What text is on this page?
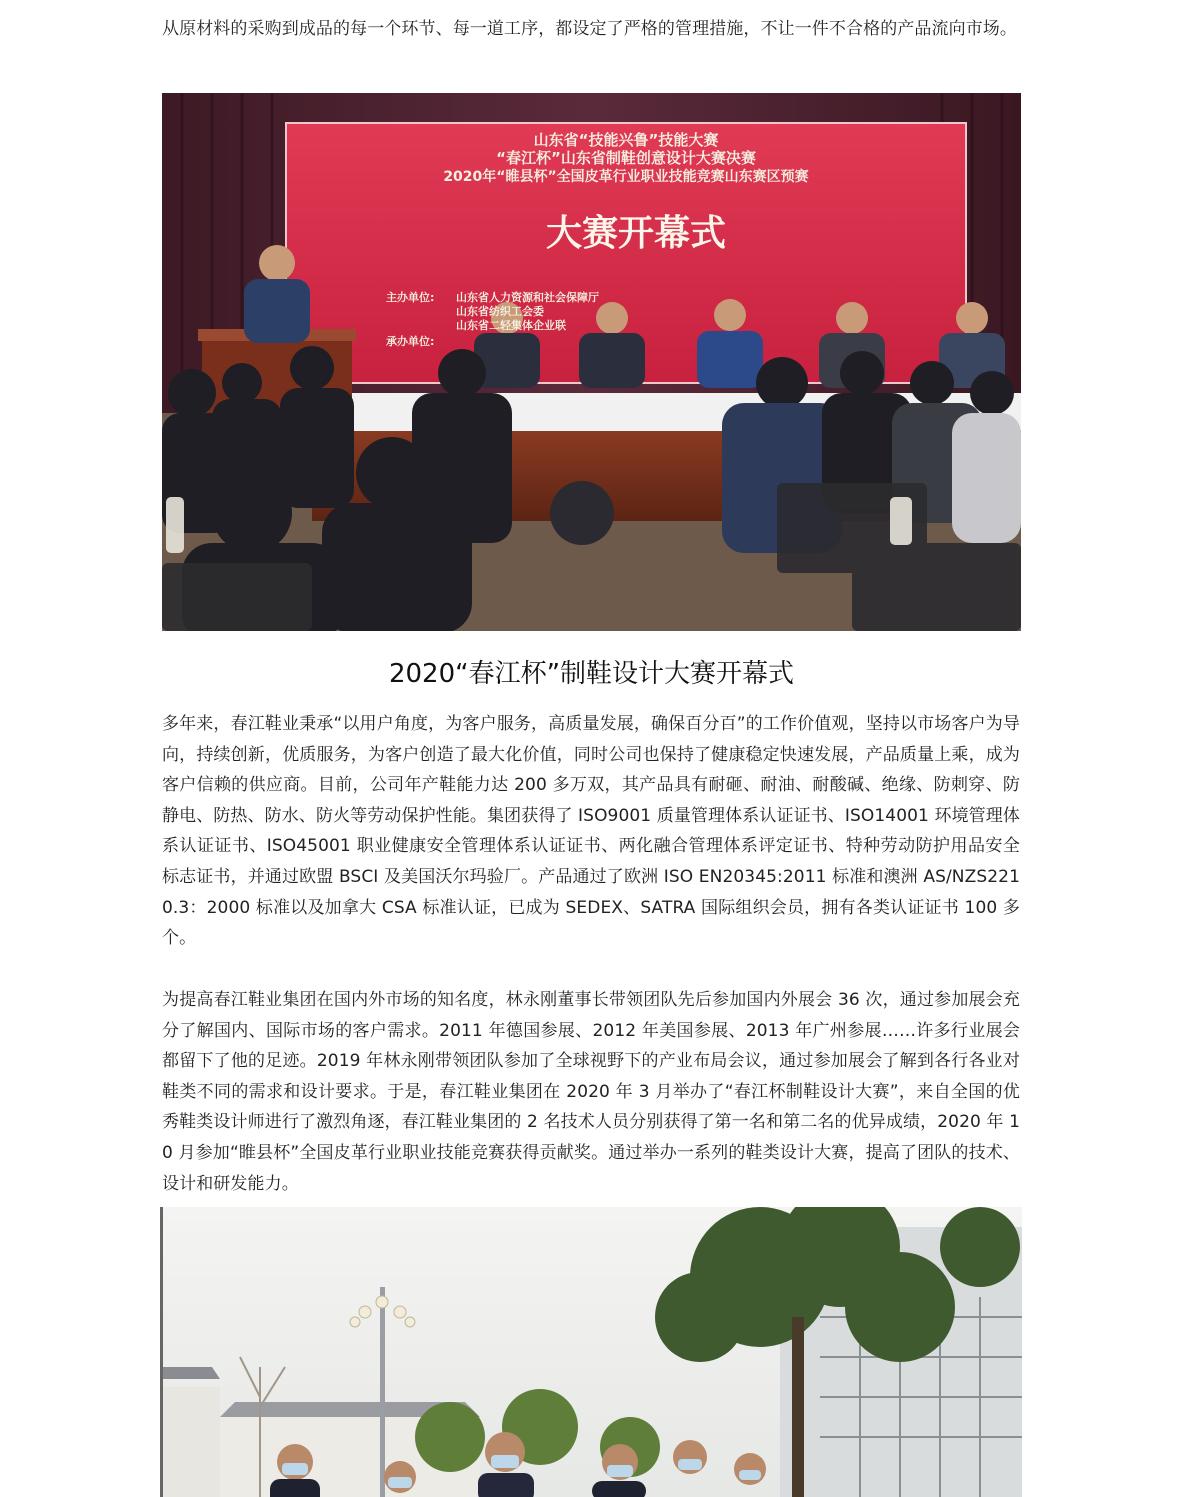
从原材料的采购到成品的每一个环节、每一道工序，都设定了严格的管理措施，不让一件不合格的产品流向市场。

山东省“技能兴鲁”技能大赛
“春江杯”山东省制鞋创意设计大赛决赛
2020年“睢县杯”全国皮革行业职业技能竞赛山东赛区预赛
大赛开幕式
主办单位: 山东省人力资源和社会保障厅
山东省纺织工会委
山东省二轻集体企业联
承办单位:

2020“春江杯”制鞋设计大赛开幕式

多年来，春江鞋业秉承“以用户角度，为客户服务，高质量发展，确保百分百”的工作价值观，坚持以市场客户为导向，持续创新，优质服务，为客户创造了最大化价值，同时公司也保持了健康稳定快速发展，产品质量上乘，成为客户信赖的供应商。目前，公司年产鞋能力达 200 多万双，其产品具有耐砸、耐油、耐酸碱、绝缘、防刺穿、防静电、防热、防水、防火等劳动保护性能。集团获得了 ISO9001 质量管理体系认证证书、ISO14001 环境管理体系认证证书、ISO45001 职业健康安全管理体系认证证书、两化融合管理体系评定证书、特种劳动防护用品安全标志证书，并通过欧盟 BSCI 及美国沃尔玛验厂。产品通过了欧洲 ISO EN20345:2011 标准和澳洲 AS/NZS2210.3：2000 标准以及加拿大 CSA 标准认证，已成为 SEDEX、SATRA 国际组织会员，拥有各类认证证书 100 多个。

为提高春江鞋业集团在国内外市场的知名度，林永刚董事长带领团队先后参加国内外展会 36 次，通过参加展会充分了解国内、国际市场的客户需求。2011 年德国参展、2012 年美国参展、2013 年广州参展……许多行业展会都留下了他的足迹。2019 年林永刚带领团队参加了全球视野下的产业布局会议，通过参加展会了解到各行各业对鞋类不同的需求和设计要求。于是，春江鞋业集团在 2020 年 3 月举办了“春江杯制鞋设计大赛”，来自全国的优秀鞋类设计师进行了激烈角逐，春江鞋业集团的 2 名技术人员分别获得了第一名和第二名的优异成绩，2020 年 10 月参加“睢县杯”全国皮革行业职业技能竞赛获得贡献奖。通过举办一系列的鞋类设计大赛，提高了团队的技术、设计和研发能力。
